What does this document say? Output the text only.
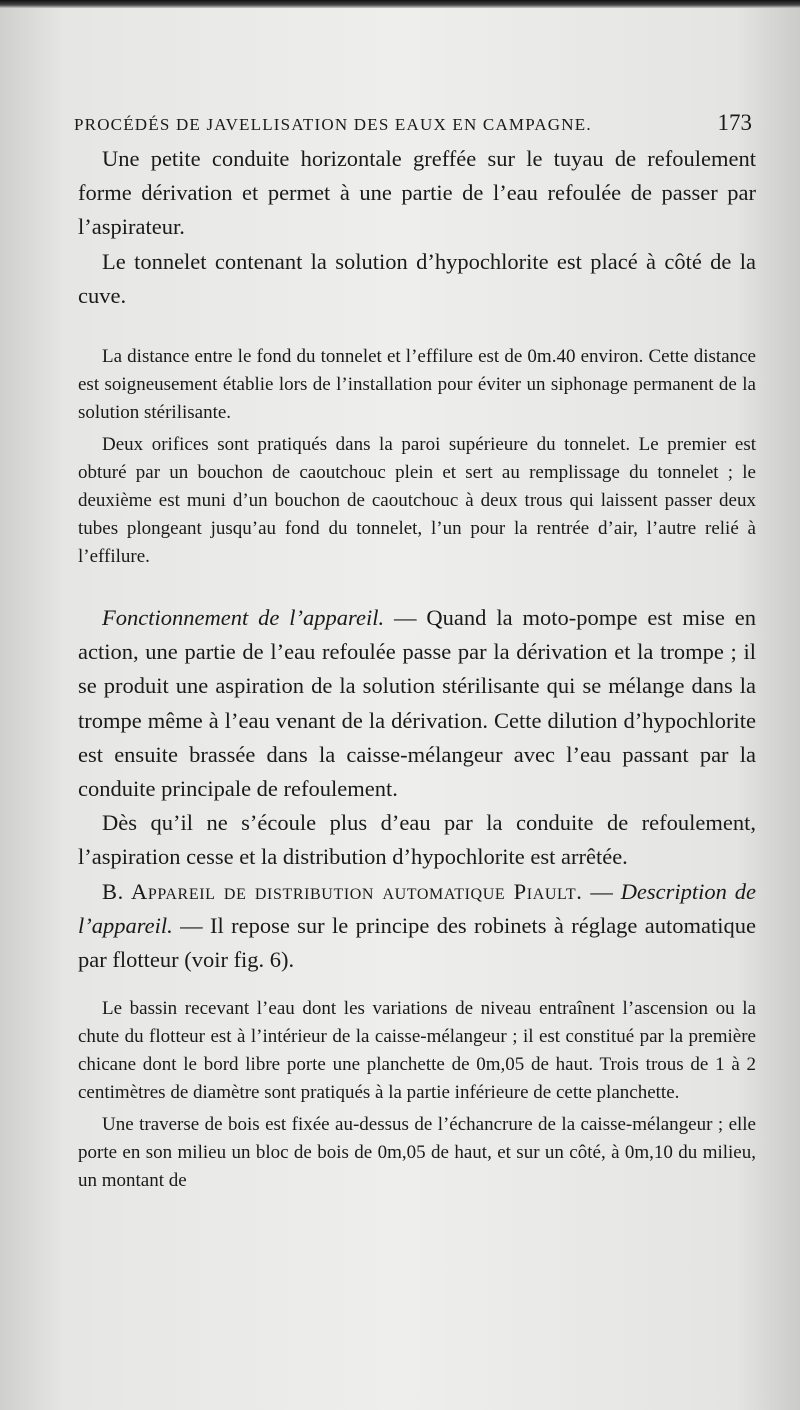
PROCÉDÉS DE JAVELLISATION DES EAUX EN CAMPAGNE.	173

Une petite conduite horizontale greffée sur le tuyau de refoulement forme dérivation et permet à une partie de l’eau refoulée de passer par l’aspirateur.

Le tonnelet contenant la solution d’hypochlorite est placé à côté de la cuve.

La distance entre le fond du tonnelet et l’effilure est de 0m.40 environ. Cette distance est soigneusement établie lors de l’installation pour éviter un siphonage permanent de la solution stérilisante.

Deux orifices sont pratiqués dans la paroi supérieure du tonnelet. Le premier est obturé par un bouchon de caoutchouc plein et sert au remplissage du tonnelet ; le deuxième est muni d’un bouchon de caoutchouc à deux trous qui laissent passer deux tubes plongeant jusqu’au fond du tonnelet, l’un pour la rentrée d’air, l’autre relié à l’effilure.

Fonctionnement de l’appareil. — Quand la moto-pompe est mise en action, une partie de l’eau refoulée passe par la dérivation et la trompe ; il se produit une aspiration de la solution stérilisante qui se mélange dans la trompe même à l’eau venant de la dérivation. Cette dilution d’hypochlorite est ensuite brassée dans la caisse-mélangeur avec l’eau passant par la conduite principale de refoulement.

Dès qu’il ne s’écoule plus d’eau par la conduite de refoulement, l’aspiration cesse et la distribution d’hypochlorite est arrêtée.

B. Appareil de distribution automatique Piault. — Description de l’appareil. — Il repose sur le principe des robinets à réglage automatique par flotteur (voir fig. 6).

Le bassin recevant l’eau dont les variations de niveau entraînent l’ascension ou la chute du flotteur est à l’intérieur de la caisse-mélangeur ; il est constitué par la première chicane dont le bord libre porte une planchette de 0m,05 de haut. Trois trous de 1 à 2 centimètres de diamètre sont pratiqués à la partie inférieure de cette planchette.

Une traverse de bois est fixée au-dessus de l’échancrure de la caisse-mélangeur ; elle porte en son milieu un bloc de bois de 0m,05 de haut, et sur un côté, à 0m,10 du milieu, un montant de
